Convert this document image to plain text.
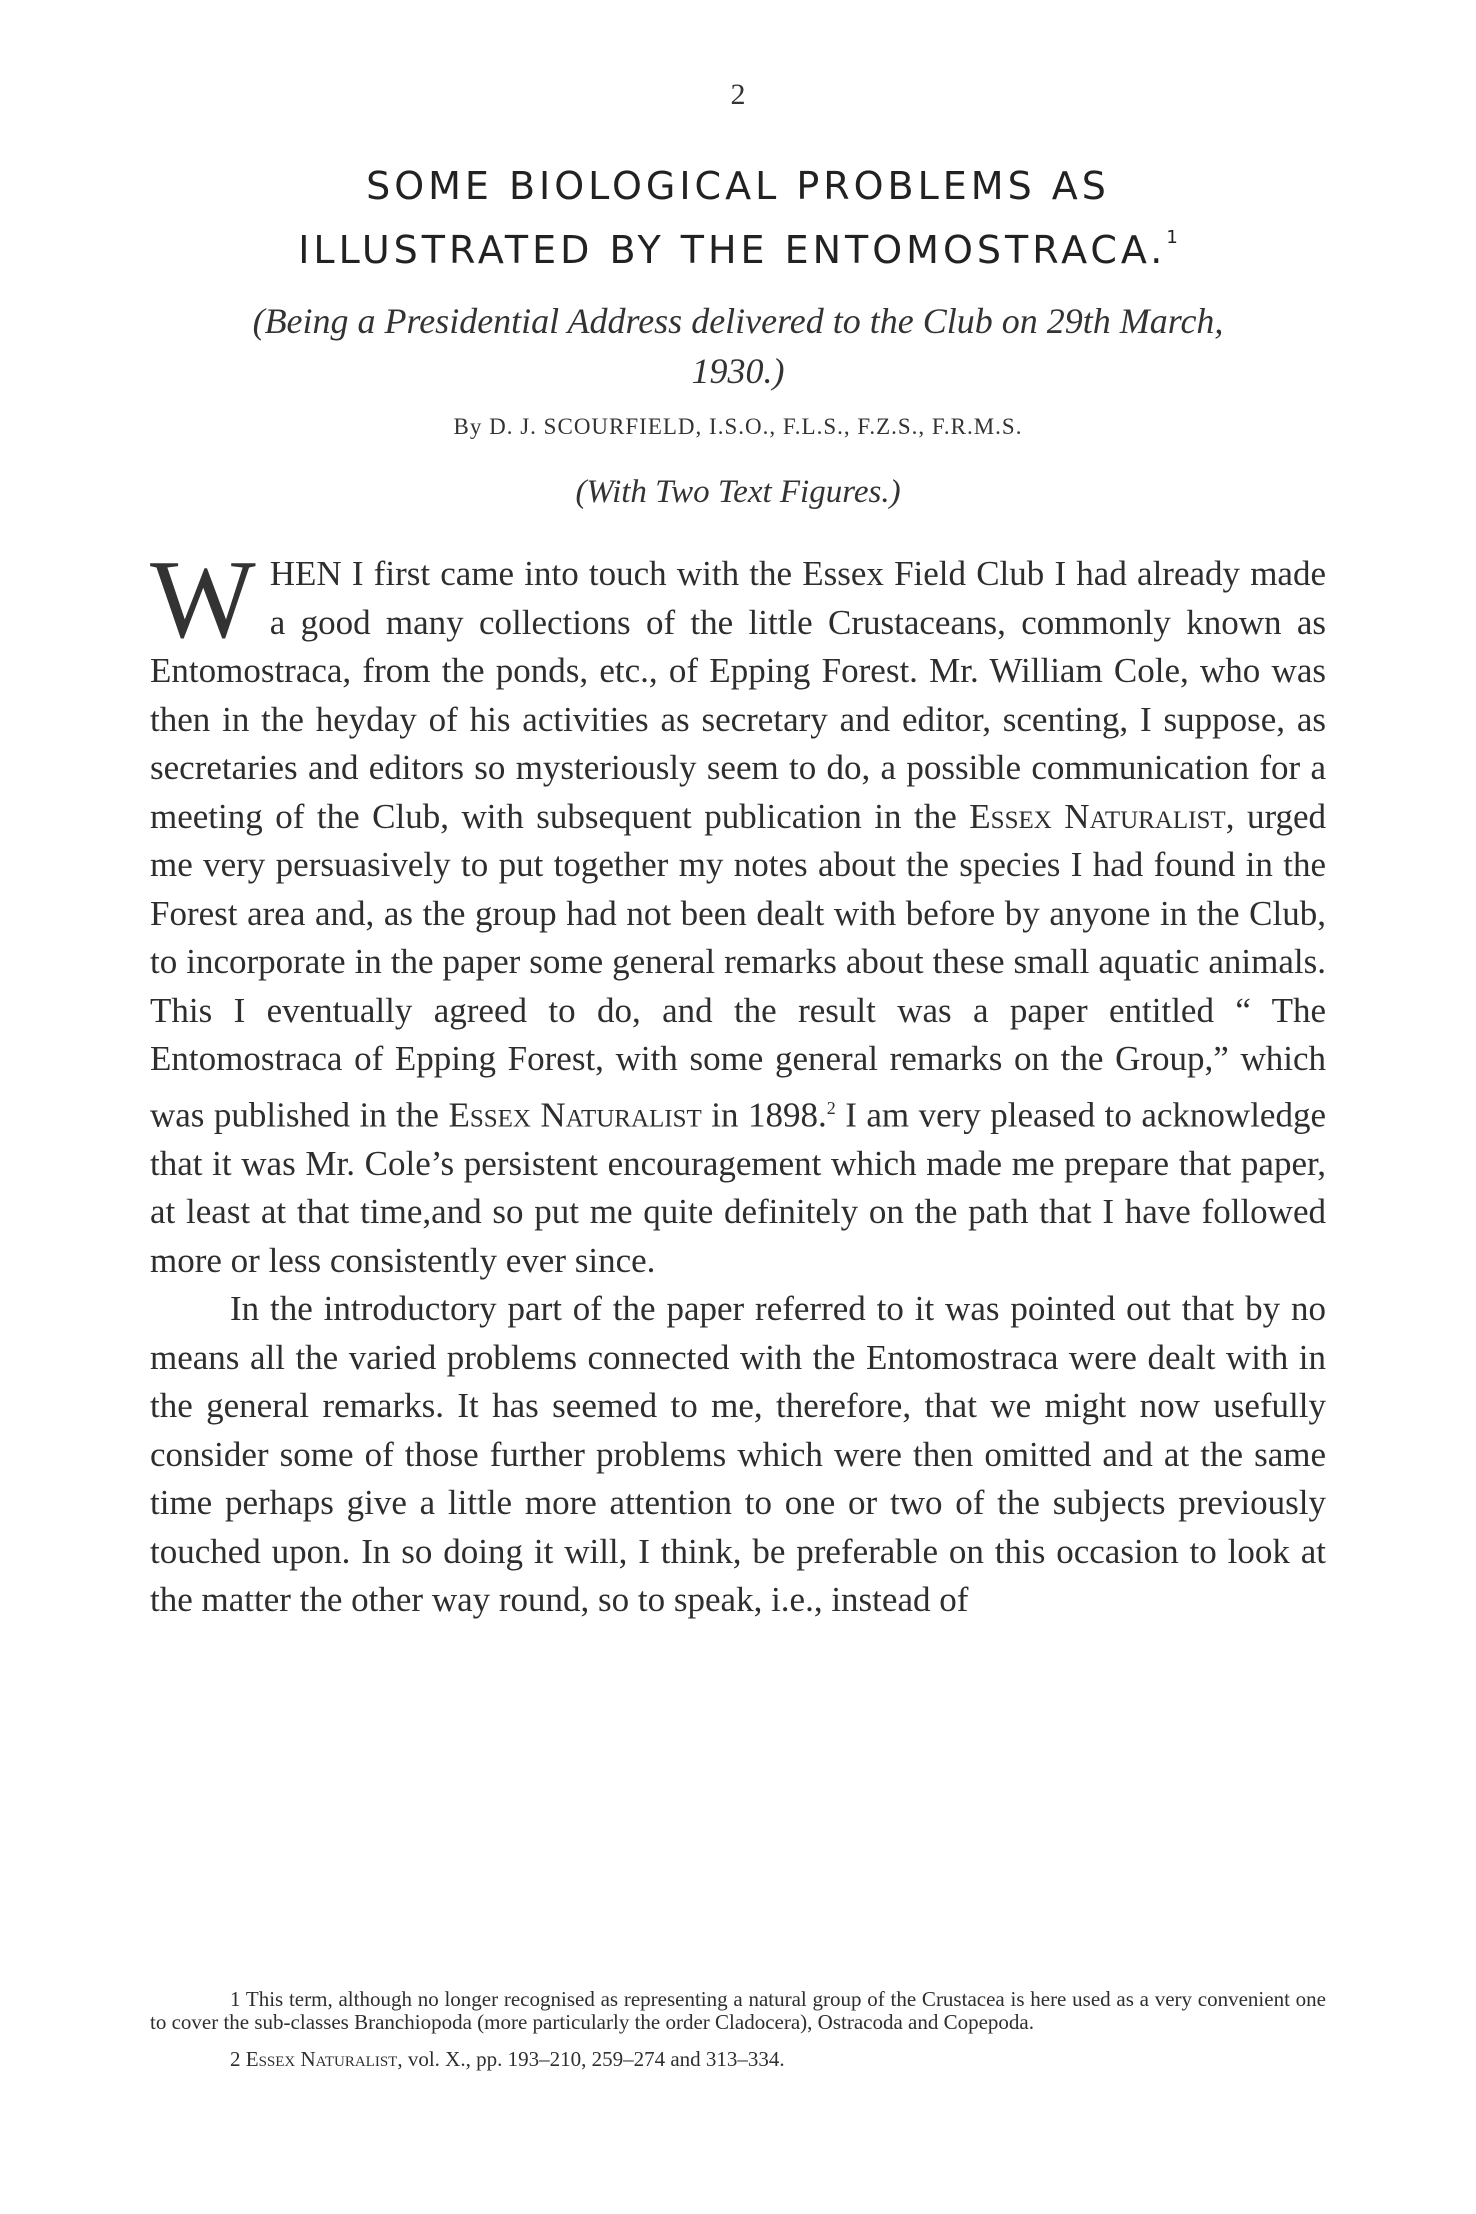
2
SOME BIOLOGICAL PROBLEMS AS
ILLUSTRATED BY THE ENTOMOSTRACA.$^1$
(Being a Presidential Address delivered to the Club on 29th March,
1930.)
By D. J. SCOURFIELD, I.S.O., F.L.S., F.Z.S., F.R.M.S.
(With Two Text Figures.)

WHEN I first came into touch with the Essex Field Club I had already made a good many collections of the little Crustaceans, commonly known as Entomostraca, from the ponds, etc., of Epping Forest. Mr. William Cole, who was then in the heyday of his activities as secretary and editor, scenting, I suppose, as secretaries and editors so mysteriously seem to do, a possible communication for a meeting of the Club, with subsequent publication in the Essex Naturalist, urged me very persuasively to put together my notes about the species I had found in the Forest area and, as the group had not been dealt with before by anyone in the Club, to incorporate in the paper some general remarks about these small aquatic animals. This I eventually agreed to do, and the result was a paper entitled “ The Entomostraca of Epping Forest, with some general remarks on the Group,” which was published in the Essex Naturalist in 1898.$^2$ I am very pleased to acknowledge that it was Mr. Cole’s persistent encouragement which made me prepare that paper, at least at that time,and so put me quite definitely on the path that I have followed more or less consistently ever since.

In the introductory part of the paper referred to it was pointed out that by no means all the varied problems connected with the Entomostraca were dealt with in the general remarks. It has seemed to me, therefore, that we might now usefully consider some of those further problems which were then omitted and at the same time perhaps give a little more attention to one or two of the subjects previously touched upon. In so doing it will, I think, be preferable on this occasion to look at the matter the other way round, so to speak, i.e., instead of

1 This term, although no longer recognised as representing a natural group of the Crustacea is here used as a very convenient one to cover the sub-classes Branchiopoda (more particularly the order Cladocera), Ostracoda and Copepoda.

2 Essex Naturalist, vol. X., pp. 193–210, 259–274 and 313–334.
